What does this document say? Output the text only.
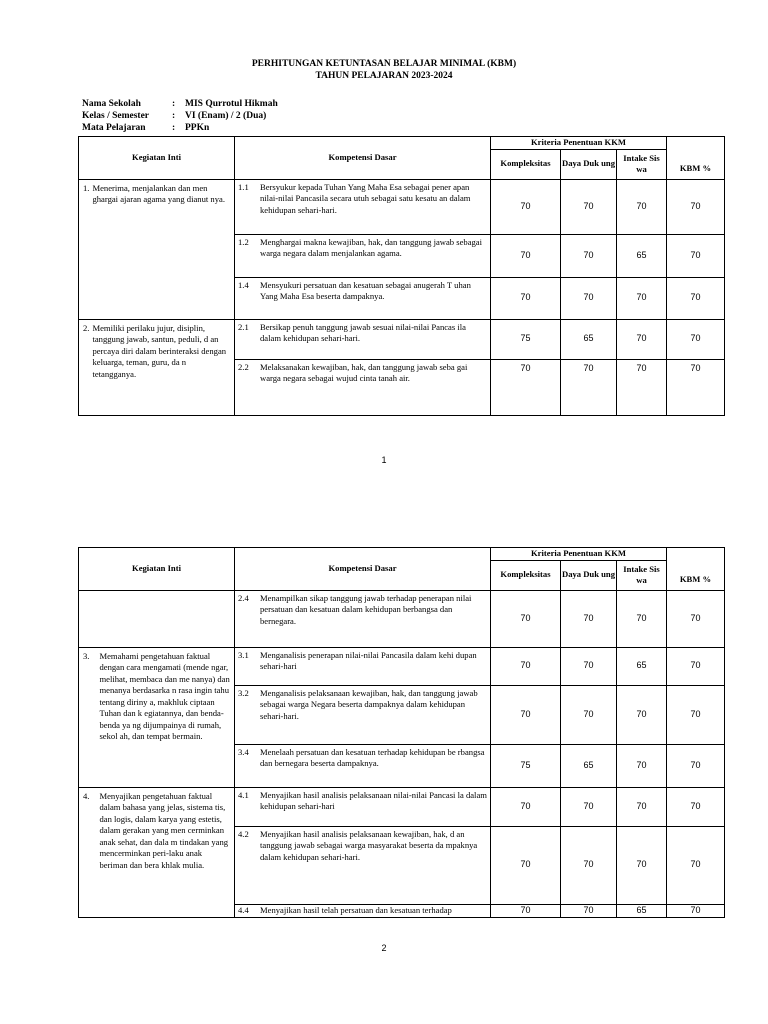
PERHITUNGAN KETUNTASAN BELAJAR MINIMAL (KBM)
TAHUN PELAJARAN 2023-2024
Nama Sekolah	: MIS Qurrotul Hikmah
Kelas / Semester : VI (Enam) / 2 (Dua)
Mata Pelajaran	: PPKn
Kegiatan Inti	Kompetensi Dasar	Kriteria Penentuan KKM			KBM %
		Kompleksitas	Daya Duk ung	Intake Sis wa	

1. Menerima, menjalankan dan men ghargai ajaran agama yang dianut nya.	1.1 Bersyukur kepada Tuhan Yang Maha Esa sebagai pener apan nilai-nilai Pancasila secara utuh sebagai satu kesatu an dalam kehidupan sehari-hari.	70	70	70	70

	1.2 Menghargai makna kewajiban, hak, dan tanggung jawab sebagai warga negara dalam menjalankan agama.	70	70	65	70

	1.4 Mensyukuri persatuan dan kesatuan sebagai anugerah T uhan Yang Maha Esa beserta dampaknya.	70	70	70	70

2. Memiliki perilaku jujur, disiplin, tanggung jawab, santun, peduli, d an percaya diri dalam berinteraksi dengan keluarga, teman, guru, da n tetangganya.	2.1 Bersikap penuh tanggung jawab sesuai nilai-nilai Pancas ila dalam kehidupan sehari-hari.	75	65	70	70

	2.2 Melaksanakan kewajiban, hak, dan tanggung jawab seba gai warga negara sebagai wujud cinta tanah air.	70	70	70	70
1
Kegiatan Inti	Kompetensi Dasar	Kriteria Penentuan KKM			KBM %
		Kompleksitas	Daya Duk ung	Intake Sis wa	

	2.4 Menampilkan sikap tanggung jawab terhadap penerapan nilai persatuan dan kesatuan dalam kehidupan berbangsa dan bernegara.	70	70	70	70

3. Memahami pengetahuan faktual dengan cara mengamati (mende ngar, melihat, membaca dan me nanya) dan menanya berdasarka n rasa ingin tahu tentang diriny a, makhluk ciptaan Tuhan dan k egiatannya, dan benda-benda ya ng dijumpainya di rumah, sekol ah, dan tempat bermain.	3.1 Menganalisis penerapan nilai-nilai Pancasila dalam kehi dupan sehari-hari	70	70	65	70

	3.2 Menganalisis pelaksanaan kewajiban, hak, dan tanggung jawab sebagai warga Negara beserta dampaknya dalam kehidupan sehari-hari.	70	70	70	70

	3.4 Menelaah persatuan dan kesatuan terhadap kehidupan be rbangsa dan bernegara beserta dampaknya.	75	65	70	70

4. Menyajikan pengetahuan faktual dalam bahasa yang jelas, sistema tis, dan logis, dalam karya yang estetis, dalam gerakan yang men cerminkan anak sehat, dan dala m tindakan yang mencerminkan peri-laku anak beriman dan bera khlak mulia.	4.1 Menyajikan hasil analisis pelaksanaan nilai-nilai Pancasi la dalam kehidupan sehari-hari	70	70	70	70

	4.2 Menyajikan hasil analisis pelaksanaan kewajiban, hak, d an tanggung jawab sebagai warga masyarakat beserta da mpaknya dalam kehidupan sehari-hari.	70	70	70	70

	4.4 Menyajikan hasil telah persatuan dan kesatuan terhadap	70	70	65	70
2
